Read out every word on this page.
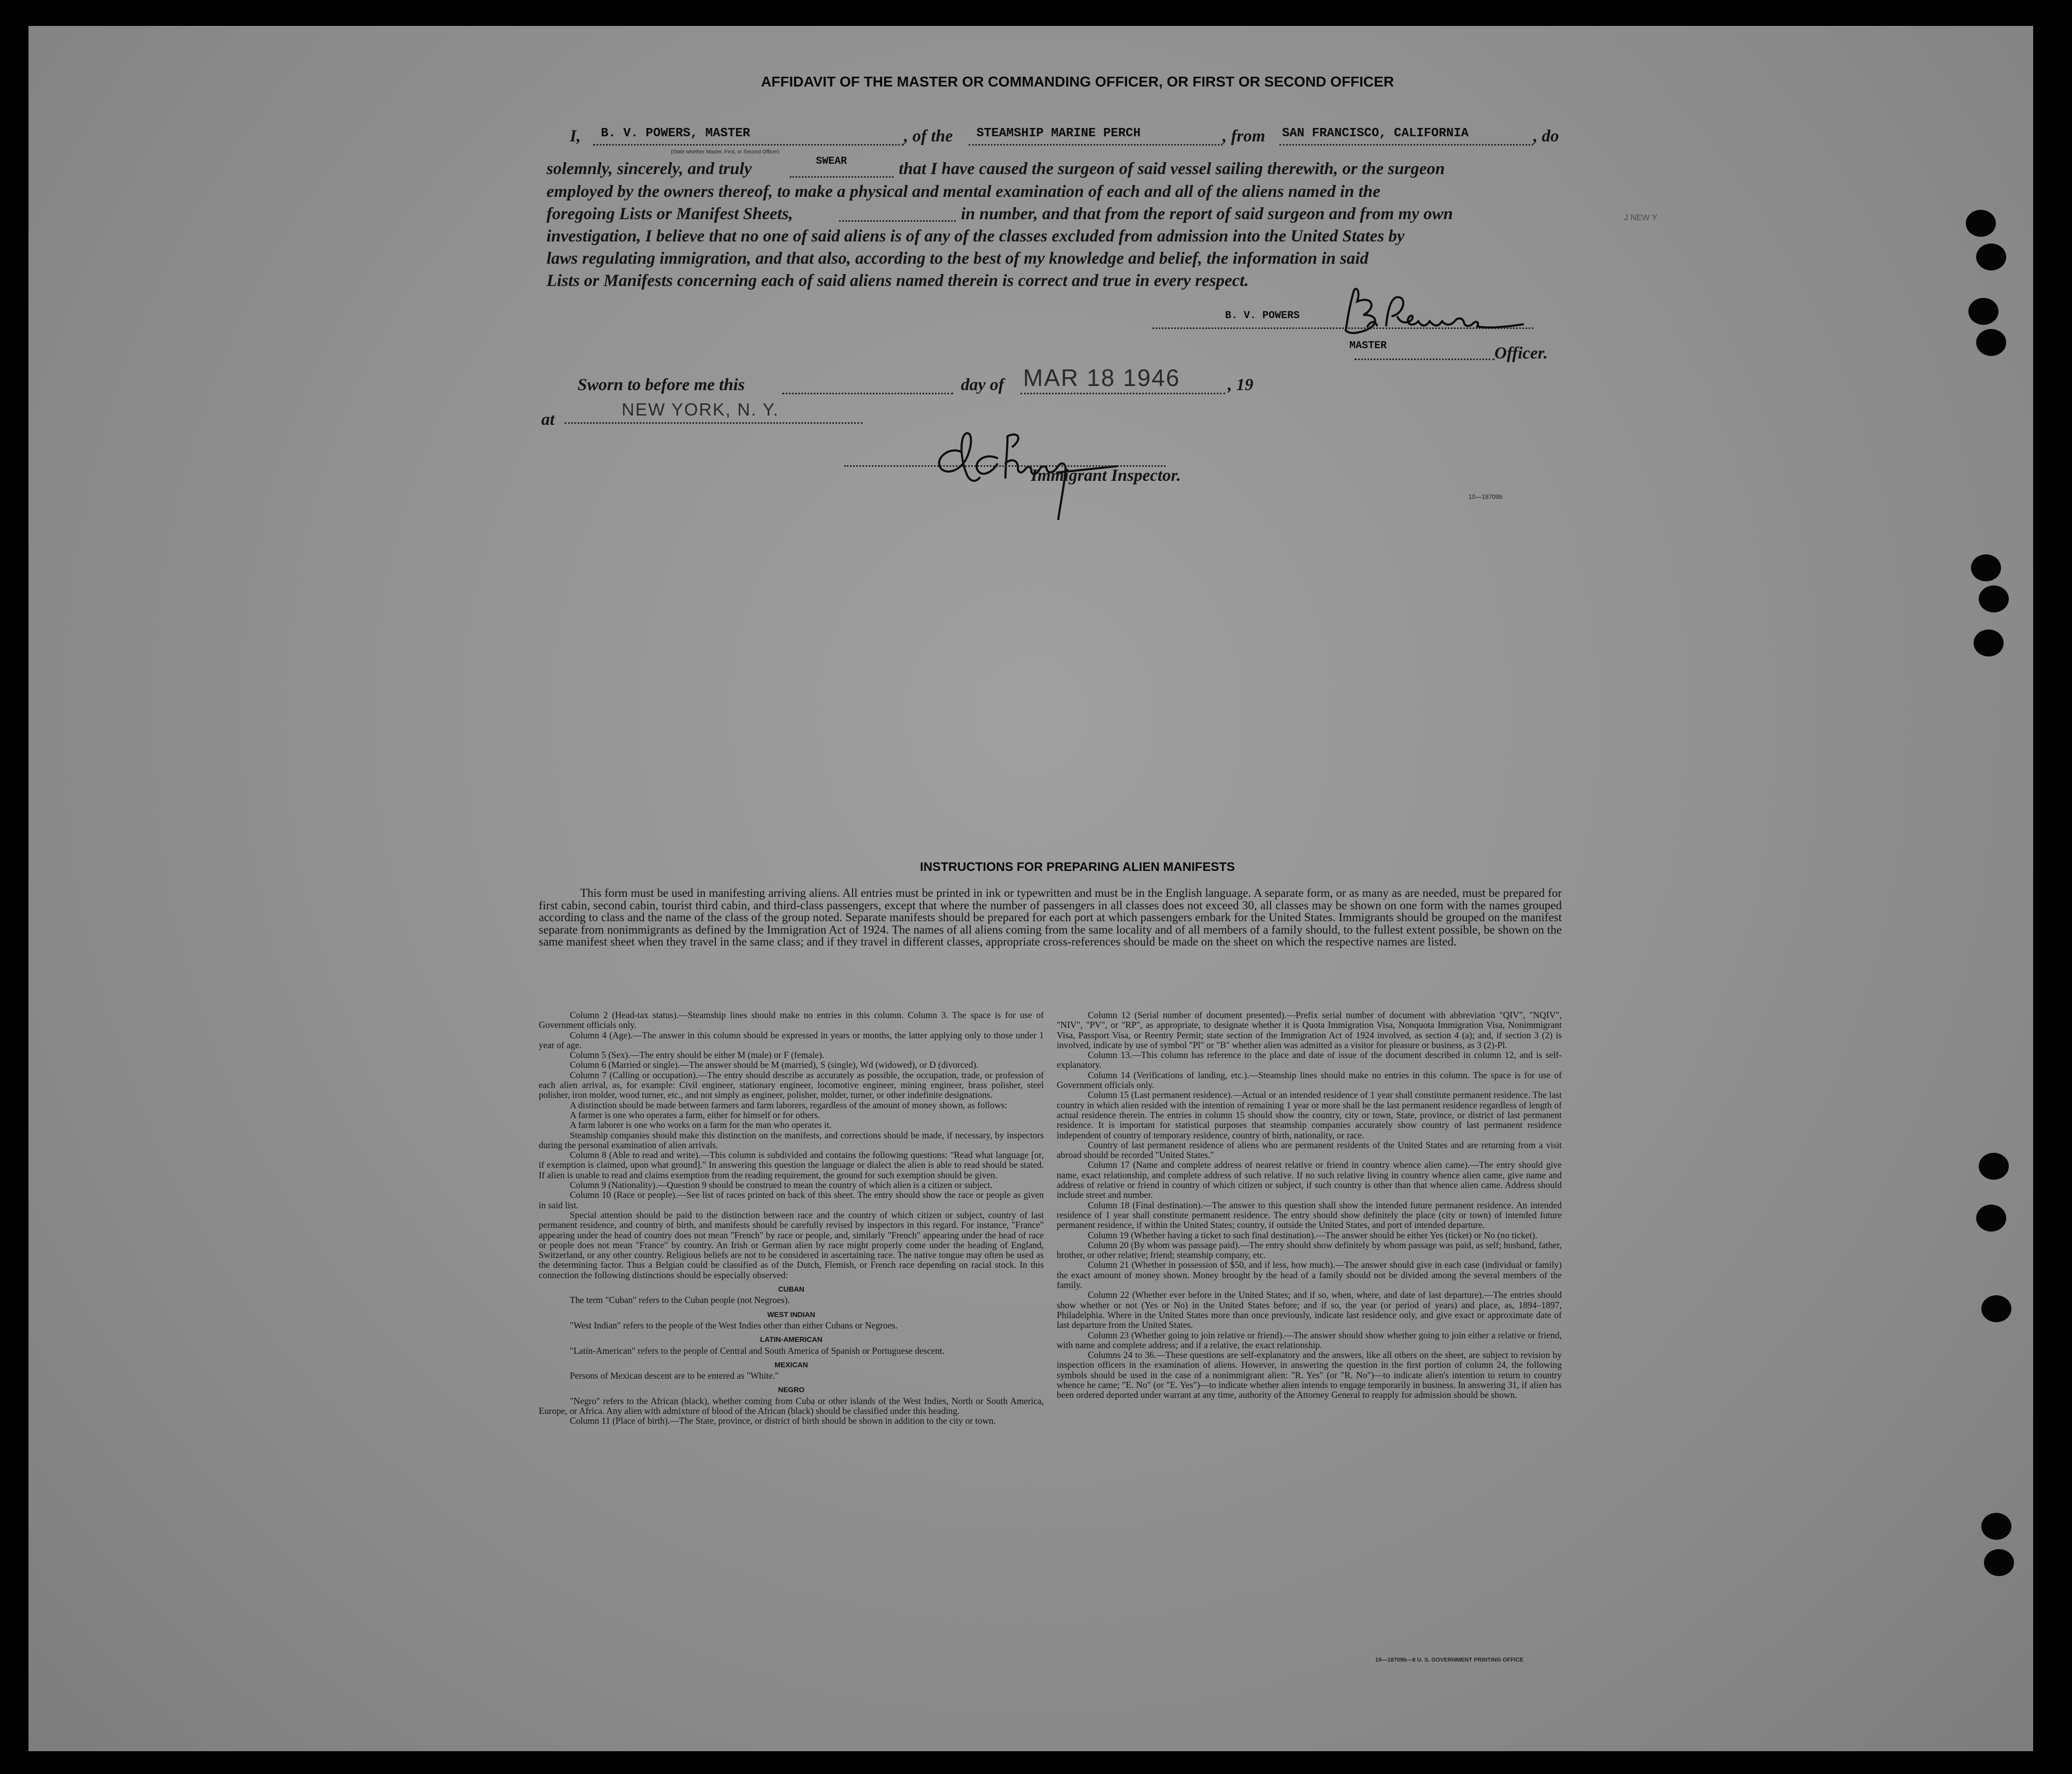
AFFIDAVIT OF THE MASTER OR COMMANDING OFFICER, OR FIRST OR SECOND OFFICER
I, B. V. POWERS, MASTER	, of the STEAMSHIP MARINE PERCH	, from SAN FRANCISCO, CALIFORNIA	, do
(State whether Master, First, or Second Officer)
solemnly, sincerely, and truly	SWEAR	that I have caused the surgeon of said vessel sailing therewith, or the surgeon
employed by the owners thereof, to make a physical and mental examination of each and all of the aliens named in the
foregoing Lists or Manifest Sheets,	in number, and that from the report of said surgeon and from my own
investigation, I believe that no one of said aliens is of any of the classes excluded from admission into the United States by
laws regulating immigration, and that also, according to the best of my knowledge and belief, the information in said
Lists or Manifests concerning each of said aliens named therein is correct and true in every respect.
B. V. POWERS
MASTER	Officer.
Sworn to before me this	day of MAR 18 1946	, 19
at	NEW YORK, N. Y.
Immigrant Inspector.
10—18709b
J NEW Y
INSTRUCTIONS FOR PREPARING ALIEN MANIFESTS
This form must be used in manifesting arriving aliens. All entries must be printed in ink or typewritten and must be in the English language. A separate form, or as many as are needed, must be prepared for first cabin, second cabin, tourist third cabin, and third-class passengers, except that where the number of passengers in all classes does not exceed 30, all classes may be shown on one form with the names grouped according to class and the name of the class of the group noted. Separate manifests should be prepared for each port at which passengers embark for the United States. Immigrants should be grouped on the manifest separate from nonimmigrants as defined by the Immigration Act of 1924. The names of all aliens coming from the same locality and of all members of a family should, to the fullest extent possible, be shown on the same manifest sheet when they travel in the same class; and if they travel in different classes, appropriate cross-references should be made on the sheet on which the respective names are listed.

Column 2 (Head-tax status).—Steamship lines should make no entries in this column. Column 3. The space is for use of Government officials only.

Column 4 (Age).—The answer in this column should be expressed in years or months, the latter applying only to those under 1 year of age.

Column 5 (Sex).—The entry should be either M (male) or F (female).

Column 6 (Married or single).—The answer should be M (married), S (single), Wd (widowed), or D (divorced).

Column 7 (Calling or occupation).—The entry should describe as accurately as possible, the occupation, trade, or profession of each alien arrival, as, for example: Civil engineer, stationary engineer, locomotive engineer, mining engineer, brass polisher, steel polisher, iron molder, wood turner, etc., and not simply as engineer, polisher, molder, turner, or other indefinite designations.

A distinction should be made between farmers and farm laborers, regardless of the amount of money shown, as follows:

A farmer is one who operates a farm, either for himself or for others.

A farm laborer is one who works on a farm for the man who operates it.

Steamship companies should make this distinction on the manifests, and corrections should be made, if necessary, by inspectors during the personal examination of alien arrivals.

Column 8 (Able to read and write).—This column is subdivided and contains the following questions: "Read what language [or, if exemption is claimed, upon what ground]." In answering this question the language or dialect the alien is able to read should be stated. If alien is unable to read and claims exemption from the reading requirement, the ground for such exemption should be given.

Column 9 (Nationality).—Question 9 should be construed to mean the country of which alien is a citizen or subject.

Column 10 (Race or people).—See list of races printed on back of this sheet. The entry should show the race or people as given in said list.

Special attention should be paid to the distinction between race and the country of which citizen or subject, country of last permanent residence, and country of birth, and manifests should be carefully revised by inspectors in this regard. For instance, "France" appearing under the head of country does not mean "French" by race or people, and, similarly "French" appearing under the head of race or people does not mean "France" by country. An Irish or German alien by race might properly come under the heading of England, Switzerland, or any other country. Religious beliefs are not to be considered in ascertaining race. The native tongue may often be used as the determining factor. Thus a Belgian could be classified as of the Dutch, Flemish, or French race depending on racial stock. In this connection the following distinctions should be especially observed:

CUBAN

The term "Cuban" refers to the Cuban people (not Negroes).

WEST INDIAN

"West Indian" refers to the people of the West Indies other than either Cubans or Negroes.

LATIN-AMERICAN

"Latin-American" refers to the people of Central and South America of Spanish or Portuguese descent.

MEXICAN

Persons of Mexican descent are to be entered as "White."

NEGRO

"Negro" refers to the African (black), whether coming from Cuba or other islands of the West Indies, North or South America, Europe, or Africa. Any alien with admixture of blood of the African (black) should be classified under this heading.

Column 11 (Place of birth).—The State, province, or district of birth should be shown in addition to the city or town.

Column 12 (Serial number of document presented).—Prefix serial number of document with abbreviation "QIV", "NQIV", "NIV", "PV", or "RP", as appropriate, to designate whether it is Quota Immigration Visa, Nonquota Immigration Visa, Nonimmigrant Visa, Passport Visa, or Reentry Permit; state section of the Immigration Act of 1924 involved, as section 4 (a); and, if section 3 (2) is involved, indicate by use of symbol "Pl" or "B" whether alien was admitted as a visitor for pleasure or business, as 3 (2)-Pl.

Column 13.—This column has reference to the place and date of issue of the document described in column 12, and is self-explanatory.

Column 14 (Verifications of landing, etc.).—Steamship lines should make no entries in this column. The space is for use of Government officials only.

Column 15 (Last permanent residence).—Actual or an intended residence of 1 year shall constitute permanent residence. The last country in which alien resided with the intention of remaining 1 year or more shall be the last permanent residence regardless of length of actual residence therein. The entries in column 15 should show the country, city or town, State, province, or district of last permanent residence. It is important for statistical purposes that steamship companies accurately show country of last permanent residence independent of country of temporary residence, country of birth, nationality, or race.

Country of last permanent residence of aliens who are permanent residents of the United States and are returning from a visit abroad should be recorded "United States."

Column 17 (Name and complete address of nearest relative or friend in country whence alien came).—The entry should give name, exact relationship, and complete address of such relative. If no such relative living in country whence alien came, give name and address of relative or friend in country of which citizen or subject, if such country is other than that whence alien came. Address should include street and number.

Column 18 (Final destination).—The answer to this question shall show the intended future permanent residence. An intended residence of 1 year shall constitute permanent residence. The entry should show definitely the place (city or town) of intended future permanent residence, if within the United States; country, if outside the United States, and port of intended departure.

Column 19 (Whether having a ticket to such final destination).—The answer should be either Yes (ticket) or No (no ticket).

Column 20 (By whom was passage paid).—The entry should show definitely by whom passage was paid, as self; husband, father, brother, or other relative; friend; steamship company, etc.

Column 21 (Whether in possession of $50, and if less, how much).—The answer should give in each case (individual or family) the exact amount of money shown. Money brought by the head of a family should not be divided among the several members of the family.

Column 22 (Whether ever before in the United States; and if so, when, where, and date of last departure).—The entries should show whether or not (Yes or No) in the United States before; and if so, the year (or period of years) and place, as, 1894–1897, Philadelphia. Where in the United States more than once previously, indicate last residence only, and give exact or approximate date of last departure from the United States.

Column 23 (Whether going to join relative or friend).—The answer should show whether going to join either a relative or friend, with name and complete address; and if a relative, the exact relationship.

Columns 24 to 36.—These questions are self-explanatory and the answers, like all others on the sheet, are subject to revision by inspection officers in the examination of aliens. However, in answering the question in the first portion of column 24, the following symbols should be used in the case of a nonimmigrant alien: "R. Yes" (or "R. No")—to indicate alien's intention to return to country whence he came; "E. No" (or "E. Yes")—to indicate whether alien intends to engage temporarily in business. In answering 31, if alien has been ordered deported under warrant at any time, authority of the Attorney General to reapply for admission should be shown.

10—18709b—8 U. S. GOVERNMENT PRINTING OFFICE
